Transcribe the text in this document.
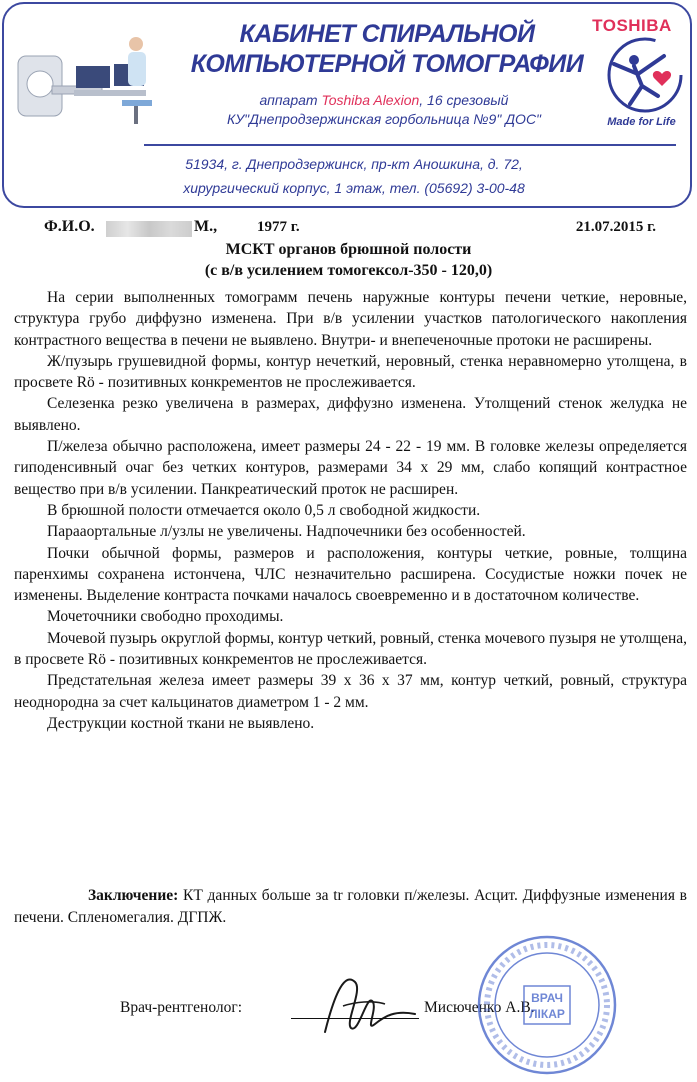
КАБИНЕТ СПИРАЛЬНОЙ
КОМПЬЮТЕРНОЙ ТОМОГРАФИИ
аппарат Toshiba Alexion, 16 срезовый
КУ"Днепродзержинская горбольница №9" ДОС"
TOSHIBA
Made for Life
51934, г. Днепродзержинск, пр-кт Аношкина, д. 72,
хирургический корпус, 1 этаж, тел. (05692) 3-00-48
Ф.И.О.	М.,	1977 г.	21.07.2015 г.
МСКТ органов брюшной полости
(с в/в усилением томогексол-350 - 120,0)

На серии выполненных томограмм печень наружные контуры печени четкие, неровные, структура грубо диффузно изменена. При в/в усилении участков патологического накопления контрастного вещества в печени не выявлено. Внутри- и внепеченочные протоки не расширены.

Ж/пузырь грушевидной формы, контур нечеткий, неровный, стенка неравномерно утолщена, в просвете Rö - позитивных конкрементов не прослеживается.

Селезенка резко увеличена в размерах, диффузно изменена. Утолщений стенок желудка не выявлено.

П/железа обычно расположена, имеет размеры 24 - 22 - 19 мм. В головке железы определяется гиподенсивный очаг без четких контуров, размерами 34 х 29 мм, слабо копящий контрастное вещество при в/в усилении. Панкреатический проток не расширен.

В брюшной полости отмечается около 0,5 л свободной жидкости.

Парааортальные л/узлы не увеличены. Надпочечники без особенностей.

Почки обычной формы, размеров и расположения, контуры четкие, ровные, толщина паренхимы сохранена истончена, ЧЛС незначительно расширена. Сосудистые ножки почек не изменены. Выделение контраста почками началось своевременно и в достаточном количестве.

Мочеточники свободно проходимы.

Мочевой пузырь округлой формы, контур четкий, ровный, стенка мочевого пузыря не утолщена, в просвете Rö - позитивных конкрементов не прослеживается.

Предстательная железа имеет размеры 39 х 36 х 37 мм, контур четкий, ровный, структура неоднородна за счет кальцинатов диаметром 1 - 2 мм.

Деструкции костной ткани не выявлено.

Заключение: КТ данных больше за tr головки п/железы. Асцит. Диффузные изменения в печени. Спленомегалия. ДГПЖ.
Врач-рентгенолог:	Мисюченко А.В.
ВРАЧ
ЛІКАР
